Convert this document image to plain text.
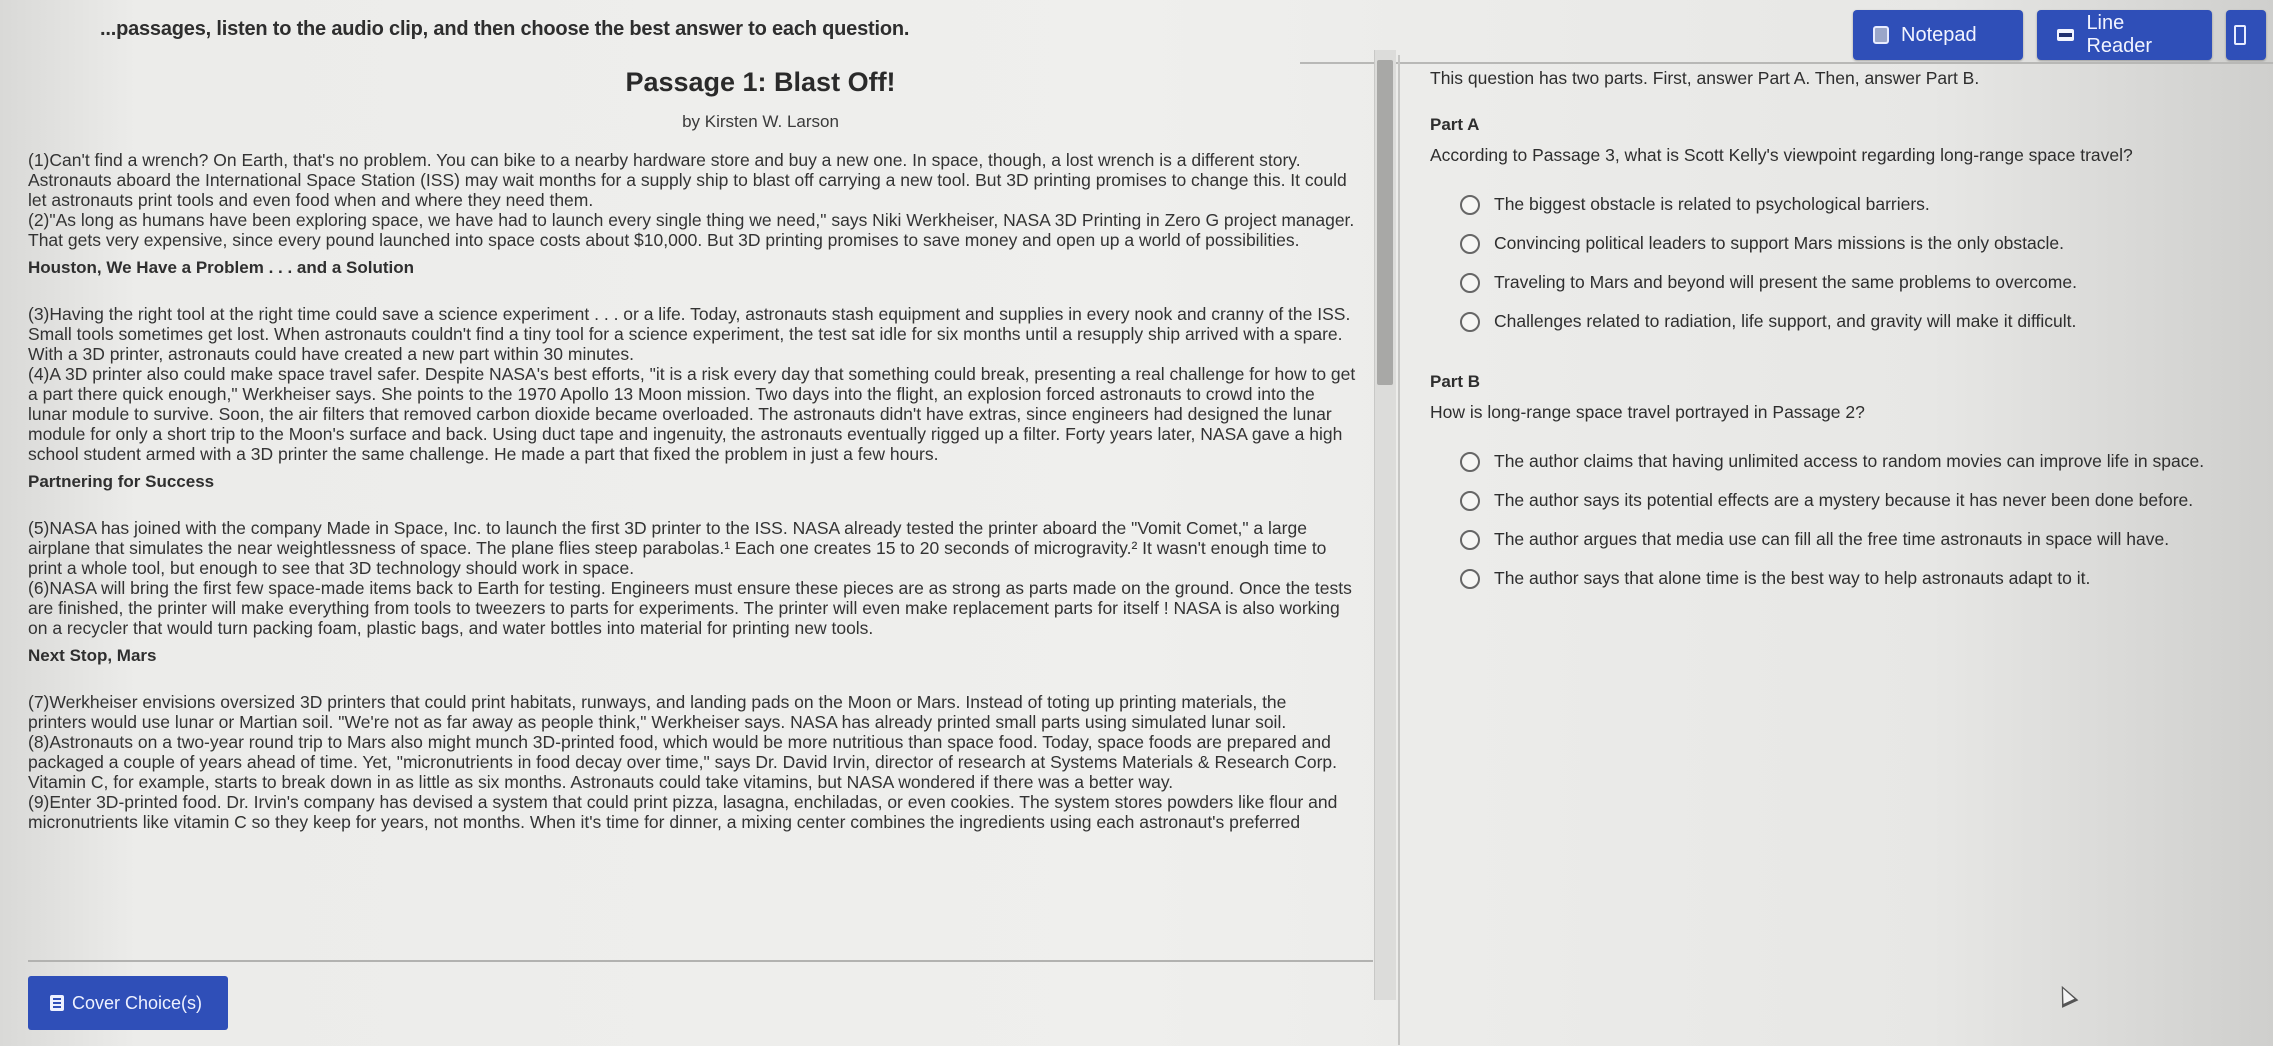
...passages, listen to the audio clip, and then choose the best answer to each question.	Notepad
Line Reader
Passage 1: Blast Off!
by Kirsten W. Larson

(1)Can't find a wrench? On Earth, that's no problem. You can bike to a nearby hardware store and buy a new one. In space, though, a lost wrench is a different story.

Astronauts aboard the International Space Station (ISS) may wait months for a supply ship to blast off carrying a new tool. But 3D printing promises to change this. It could

let astronauts print tools and even food when and where they need them.

(2)"As long as humans have been exploring space, we have had to launch every single thing we need," says Niki Werkheiser, NASA 3D Printing in Zero G project manager.

That gets very expensive, since every pound launched into space costs about $10,000. But 3D printing promises to save money and open up a world of possibilities.

Houston, We Have a Problem . . . and a Solution

(3)Having the right tool at the right time could save a science experiment . . . or a life. Today, astronauts stash equipment and supplies in every nook and cranny of the ISS.

Small tools sometimes get lost. When astronauts couldn't find a tiny tool for a science experiment, the test sat idle for six months until a resupply ship arrived with a spare.

With a 3D printer, astronauts could have created a new part within 30 minutes.

(4)A 3D printer also could make space travel safer. Despite NASA's best efforts, "it is a risk every day that something could break, presenting a real challenge for how to get

a part there quick enough," Werkheiser says. She points to the 1970 Apollo 13 Moon mission. Two days into the flight, an explosion forced astronauts to crowd into the

lunar module to survive. Soon, the air filters that removed carbon dioxide became overloaded. The astronauts didn't have extras, since engineers had designed the lunar

module for only a short trip to the Moon's surface and back. Using duct tape and ingenuity, the astronauts eventually rigged up a filter. Forty years later, NASA gave a high

school student armed with a 3D printer the same challenge. He made a part that fixed the problem in just a few hours.

Partnering for Success

(5)NASA has joined with the company Made in Space, Inc. to launch the first 3D printer to the ISS. NASA already tested the printer aboard the "Vomit Comet," a large

airplane that simulates the near weightlessness of space. The plane flies steep parabolas.¹ Each one creates 15 to 20 seconds of microgravity.² It wasn't enough time to

print a whole tool, but enough to see that 3D technology should work in space.

(6)NASA will bring the first few space-made items back to Earth for testing. Engineers must ensure these pieces are as strong as parts made on the ground. Once the tests

are finished, the printer will make everything from tools to tweezers to parts for experiments. The printer will even make replacement parts for itself ! NASA is also working

on a recycler that would turn packing foam, plastic bags, and water bottles into material for printing new tools.

Next Stop, Mars

(7)Werkheiser envisions oversized 3D printers that could print habitats, runways, and landing pads on the Moon or Mars. Instead of toting up printing materials, the

printers would use lunar or Martian soil. "We're not as far away as people think," Werkheiser says. NASA has already printed small parts using simulated lunar soil.

(8)Astronauts on a two-year round trip to Mars also might munch 3D-printed food, which would be more nutritious than space food. Today, space foods are prepared and

packaged a couple of years ahead of time. Yet, "micronutrients in food decay over time," says Dr. David Irvin, director of research at Systems Materials & Research Corp.

Vitamin C, for example, starts to break down in as little as six months. Astronauts could take vitamins, but NASA wondered if there was a better way.

(9)Enter 3D-printed food. Dr. Irvin's company has devised a system that could print pizza, lasagna, enchiladas, or even cookies. The system stores powders like flour and

micronutrients like vitamin C so they keep for years, not months. When it's time for dinner, a mixing center combines the ingredients using each astronaut's preferred

This question has two parts. First, answer Part A. Then, answer Part B.
Part A
According to Passage 3, what is Scott Kelly's viewpoint regarding long-range space travel?
The biggest obstacle is related to psychological barriers.
Convincing political leaders to support Mars missions is the only obstacle.
Traveling to Mars and beyond will present the same problems to overcome.
Challenges related to radiation, life support, and gravity will make it difficult.
Part B
How is long-range space travel portrayed in Passage 2?
The author claims that having unlimited access to random movies can improve life in space.
The author says its potential effects are a mystery because it has never been done before.
The author argues that media use can fill all the free time astronauts in space will have.
The author says that alone time is the best way to help astronauts adapt to it.
Cover Choice(s)
